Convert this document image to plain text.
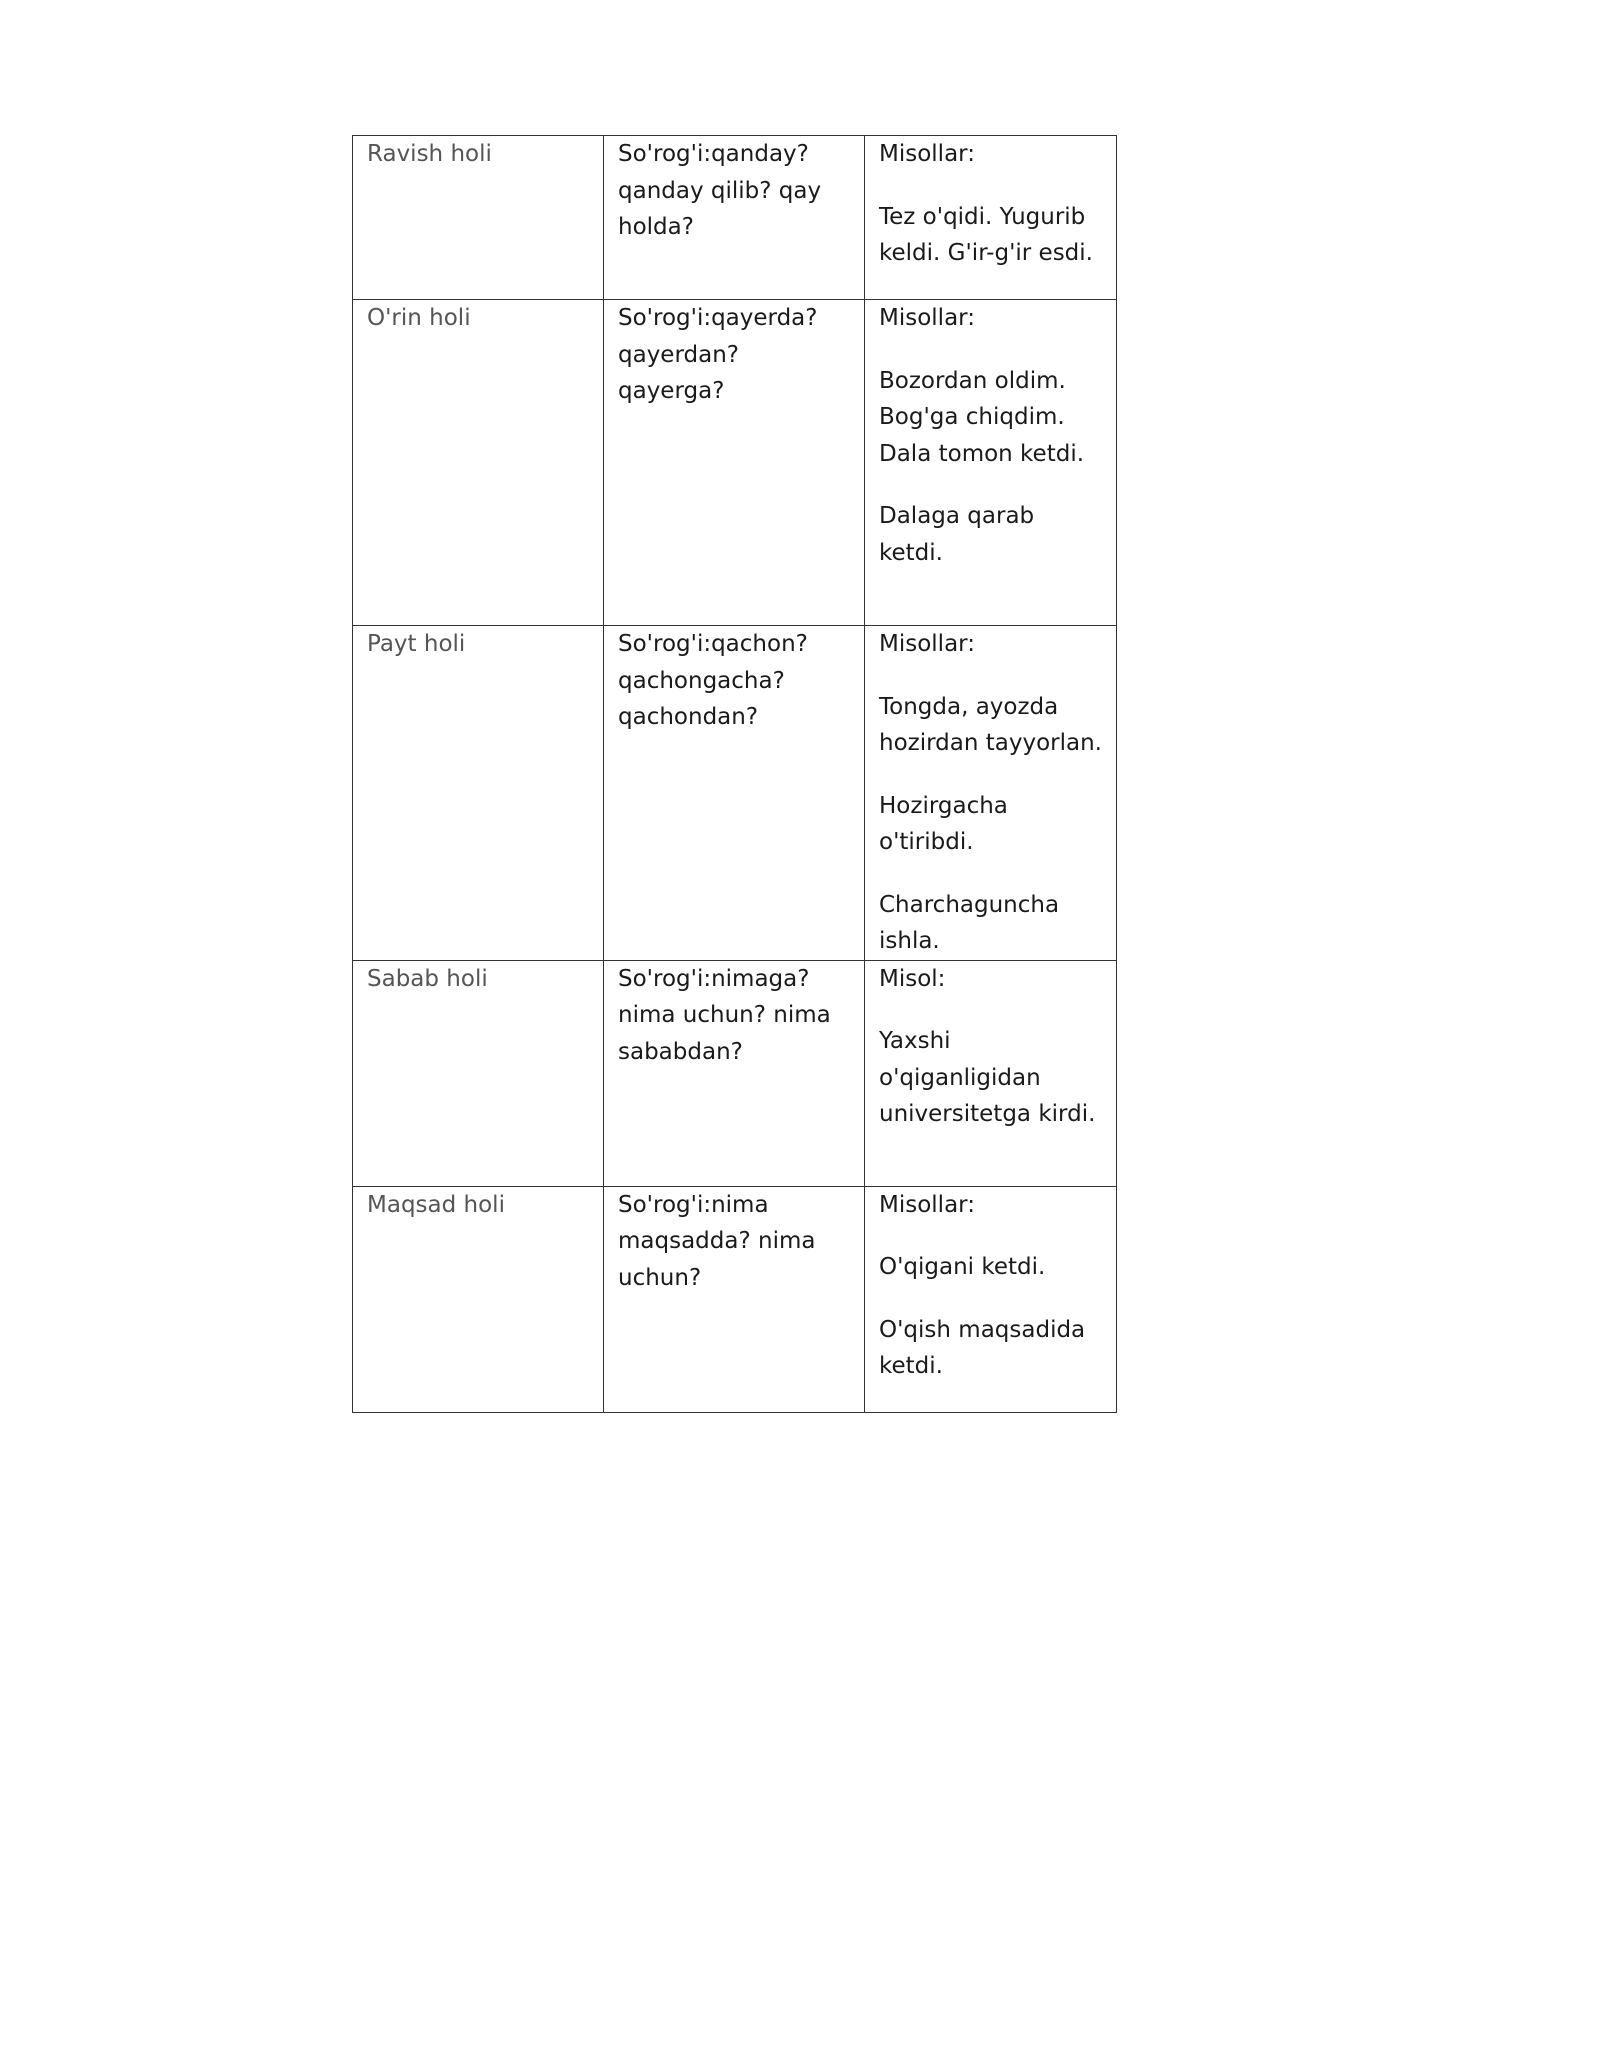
Ravish holi	So'rog'i:qanday? qanday qilib? qay holda?	Misollar:
Tez o'qidi. Yugurib keldi. G'ir-g'ir esdi.

O'rin holi	So'rog'i:qayerda? qayerdan? qayerga?	Misollar:
Bozordan oldim. Bog'ga chiqdim. Dala tomon ketdi.
Dalaga qarab ketdi.

Payt holi	So'rog'i:qachon? qachongacha? qachondan?	Misollar:
Tongda, ayozda hozirdan tayyorlan.
Hozirgacha o'tiribdi.
Charchaguncha ishla.

Sabab holi	So'rog'i:nimaga? nima uchun? nima sababdan?	Misol:
Yaxshi o'qiganligidan universitetga kirdi.

Maqsad holi	So'rog'i:nima maqsadda? nima uchun?	Misollar:
O'qigani ketdi.
O'qish maqsadida ketdi.
